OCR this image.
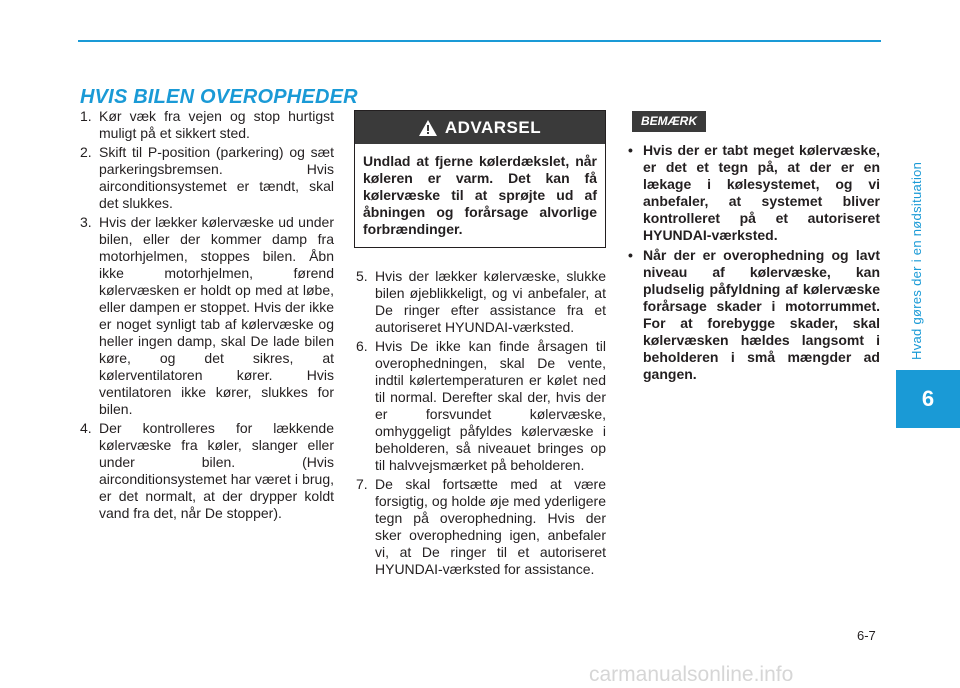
HVIS BILEN OVEROPHEDER
1. Kør væk fra vejen og stop hurtigst muligt på et sikkert sted.
2. Skift til P-position (parkering) og sæt parkeringsbremsen. Hvis airconditionsystemet er tændt, skal det slukkes.
3. Hvis der lækker kølervæske ud under bilen, eller der kommer damp fra motorhjelmen, stoppes bilen. Åbn ikke motorhjelmen, førend kølervæsken er holdt op med at løbe, eller dampen er stoppet. Hvis der ikke er noget synligt tab af kølervæske og heller ingen damp, skal De lade bilen køre, og det sikres, at kølerventilatoren kører. Hvis ventilatoren ikke kører, slukkes for bilen.
4. Der kontrolleres for lækkende kølervæske fra køler, slanger eller under bilen. (Hvis airconditionsystemet har været i brug, er det normalt, at der drypper koldt vand fra det, når De stopper).
ADVARSEL
Undlad at fjerne kølerdækslet, når køleren er varm. Det kan få kølervæske til at sprøjte ud af åbningen og forårsage alvorlige forbrændinger.
5. Hvis der lækker kølervæske, slukke bilen øjeblikkeligt, og vi anbefaler, at De ringer efter assistance fra et autoriseret HYUNDAI-værksted.
6. Hvis De ikke kan finde årsagen til overophedningen, skal De vente, indtil kølertemperaturen er kølet ned til normal. Derefter skal der, hvis der er forsvundet kølervæske, omhyggeligt påfyldes kølervæske i beholderen, så niveauet bringes op til halvvejsmærket på beholderen.
7. De skal fortsætte med at være forsigtig, og holde øje med yderligere tegn på overophedning. Hvis der sker overophedning igen, anbefaler vi, at De ringer til et autoriseret HYUNDAI-værksted for assistance.
BEMÆRK
• Hvis der er tabt meget kølervæske, er det et tegn på, at der er en lækage i kølesystemet, og vi anbefaler, at systemet bliver kontrolleret på et autoriseret HYUNDAI-værksted.
• Når der er overophedning og lavt niveau af kølervæske, kan pludselig påfyldning af kølervæske forårsage skader i motorrummet. For at forebygge skader, skal kølervæsken hældes langsomt i beholderen i små mængder ad gangen.
Hvad gøres der i en nødsituation
6
6-7
carmanualsonline.info
